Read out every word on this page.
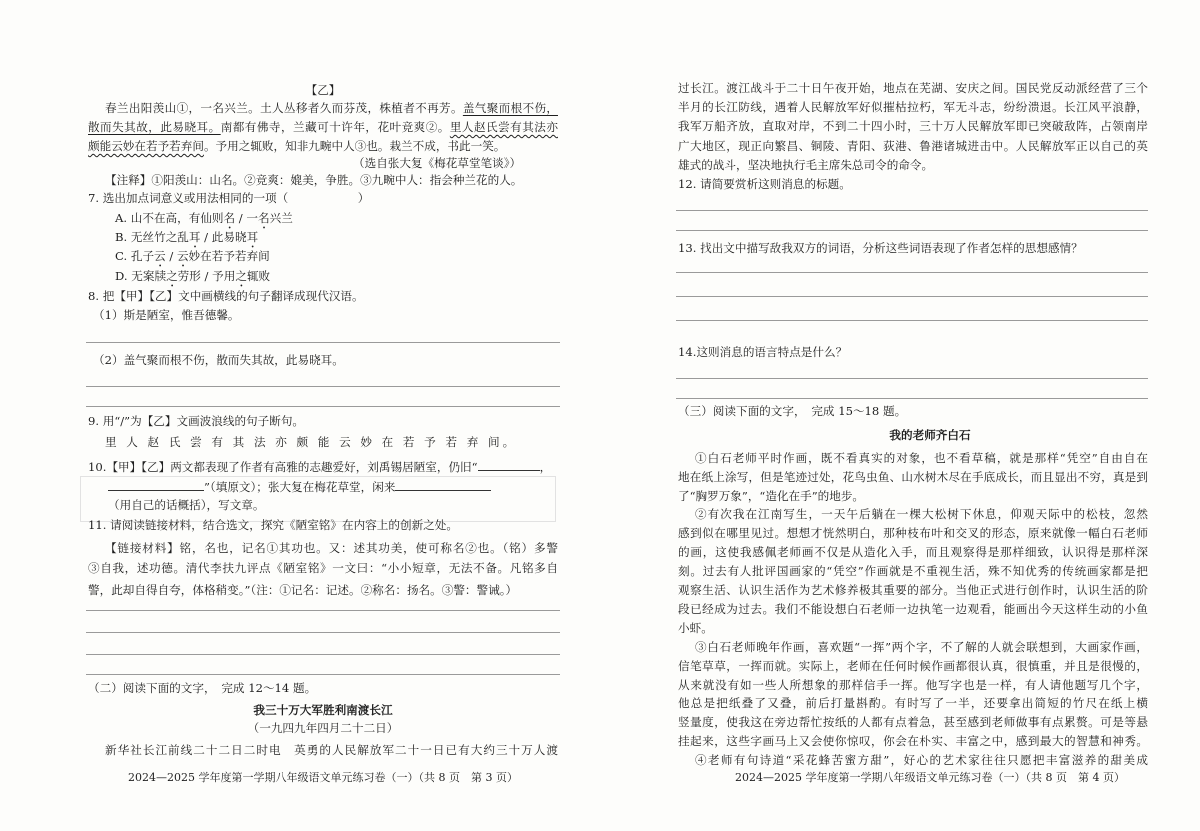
【乙】
春兰出阳羡山①，一名兴兰。土人丛移者久而芬茂，株植者不再芳。盖气聚而根不伤，
散而失其故，此易晓耳。南都有佛寺，兰藏可十许年，花叶竞爽②。里人赵氏尝有其法亦
颇能云妙在若予若弃间。予用之辄败，知非九畹中人③也。栽兰不成，书此一笑。
（选自张大复《梅花草堂笔谈》）
【注释】①阳羡山：山名。②竞爽：媲美，争胜。③九畹中人：指会种兰花的人。
7. 选出加点词意义或用法相同的一项（　　　　　　）
A. 山不在高，有仙则名 / 一名兴兰
B. 无丝竹之乱耳 / 此易晓耳
C. 孔子云 / 云妙在若予若弃间
D. 无案牍之劳形 / 予用之辄败
8. 把【甲】【乙】文中画横线的句子翻译成现代汉语。
（1）斯是陋室，惟吾德馨。
（2）盖气聚而根不伤，散而失其故，此易晓耳。
9. 用“/”为【乙】文画波浪线的句子断句。
里 人 赵 氏 尝 有 其 法 亦 颇 能 云 妙 在 若 予 若 弃 间。
10.【甲】【乙】两文都表现了作者有高雅的志趣爱好，刘禹锡居陋室，仍旧“	，
”（填原文）；张大复在梅花草堂，闲来
（用自己的话概括），写文章。
11. 请阅读链接材料，结合选文，探究《陋室铭》在内容上的创新之处。
【链接材料】铭，名也，记名①其功也。又：述其功美，使可称名②也。（铭）多警
③自我，述功德。清代李扶九评点《陋室铭》一文曰：“小小短章，无法不备。凡铭多自
警，此却自得自夸，体格稍变。”（注：①记名：记述。②称名：扬名。③警：警诫。）
（二）阅读下面的文字，　完成 12～14 题。
我三十万大军胜利南渡长江
（一九四九年四月二十二日）
新华社长江前线二十二日二时电　英勇的人民解放军二十一日已有大约三十万人渡
2024—2025 学年度第一学期八年级语文单元练习卷（一）（共 8 页　第 3 页）
过长江。渡江战斗于二十日午夜开始，地点在芜湖、安庆之间。国民党反动派经营了三个
半月的长江防线，遇着人民解放军好似摧枯拉朽，军无斗志，纷纷溃退。长江风平浪静，
我军万船齐放，直取对岸，不到二十四小时，三十万人民解放军即已突破敌阵，占领南岸
广大地区，现正向繁昌、铜陵、青阳、荻港、鲁港诸城进击中。人民解放军正以自己的英
雄式的战斗，坚决地执行毛主席朱总司令的命令。
12. 请简要赏析这则消息的标题。
13. 找出文中描写敌我双方的词语，分析这些词语表现了作者怎样的思想感情？
14.这则消息的语言特点是什么？
（三）阅读下面的文字，　完成 15～18 题。
我的老师齐白石
①白石老师平时作画，既不看真实的对象，也不看草稿，就是那样“凭空”自由自在
地在纸上涂写，但是笔迹过处，花鸟虫鱼、山水树木尽在手底成长，而且显出不穷，真是到
了“胸罗万象”，“造化在手”的地步。
②有次我在江南写生，一天午后躺在一棵大松树下休息，仰观天际中的松枝，忽然
感到似在哪里见过。想想才恍然明白，那种枝布叶和交叉的形态，原来就像一幅白石老师
的画，这使我感佩老师画不仅是从造化入手，而且观察得是那样细致，认识得是那样深
刻。过去有人批评国画家的“凭空”作画就是不重视生活，殊不知优秀的传统画家都是把
观察生活、认识生活作为艺术修养极其重要的部分。当他正式进行创作时，认识生活的阶
段已经成为过去。我们不能设想白石老师一边执笔一边观看，能画出今天这样生动的小鱼
小虾。
③白石老师晚年作画，喜欢题“一挥”两个字，不了解的人就会联想到，大画家作画，
信笔草草，一挥而就。实际上，老师在任何时候作画都很认真，很慎重，并且是很慢的，
从来就没有如一些人所想象的那样信手一挥。他写字也是一样，有人请他题写几个字，
他总是把纸叠了又叠，前后打量斟酌。有时写了一半，还要拿出简短的竹尺在纸上横
竖量度，使我这在旁边帮忙按纸的人都有点着急，甚至感到老师做事有点累赘。可是等悬
挂起来，这些字画马上又会使你惊叹，你会在朴实、丰富之中，感到最大的智慧和神秀。
④老师有句诗道“采花蜂苦蜜方甜”，好心的艺术家往往只愿把丰富滋养的甜美成
2024—2025 学年度第一学期八年级语文单元练习卷（一）（共 8 页　第 4 页）
